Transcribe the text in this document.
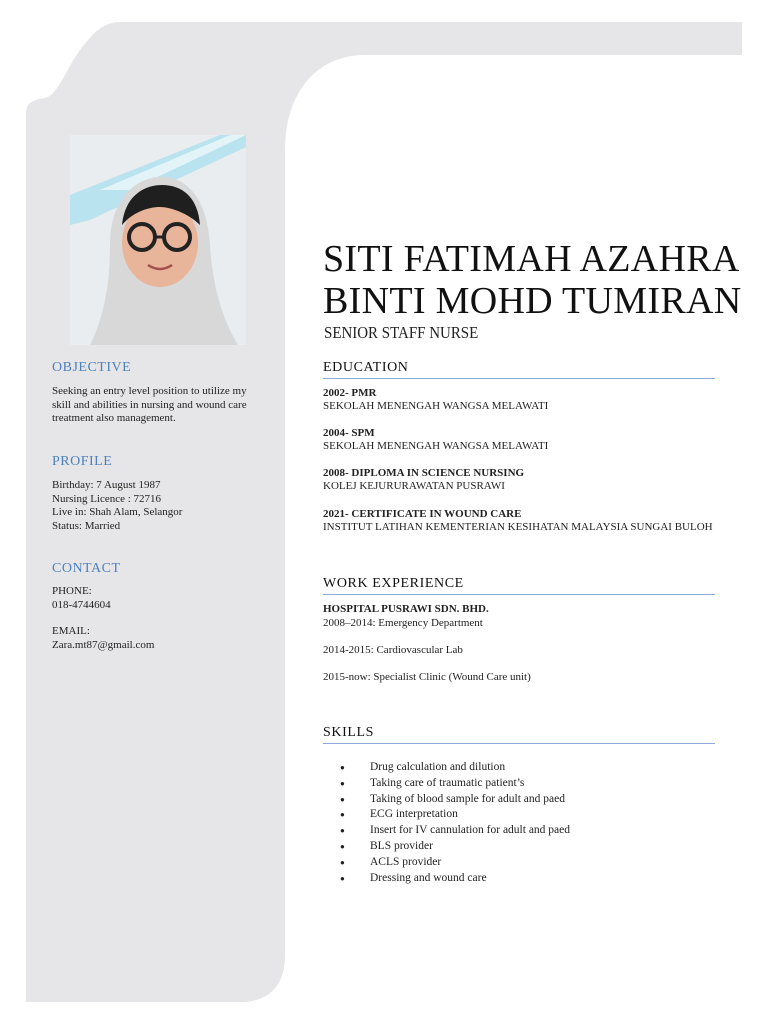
OBJECTIVE

Seeking an entry level position to utilize my skill and abilities in nursing and wound care treatment also management.

PROFILE

Birthday: 7 August 1987

Nursing Licence : 72716

Live in: Shah Alam, Selangor

Status: Married

CONTACT

PHONE:

018-4744604

EMAIL:

Zara.mt87@gmail.com

SITI FATIMAH AZAHRA
BINTI MOHD TUMIRAN
SENIOR STAFF NURSE
EDUCATION
2002- PMR
SEKOLAH MENENGAH WANGSA MELAWATI
2004- SPM
SEKOLAH MENENGAH WANGSA MELAWATI
2008- DIPLOMA IN SCIENCE NURSING
KOLEJ KEJURURAWATAN PUSRAWI
2021- CERTIFICATE IN WOUND CARE
INSTITUT LATIHAN KEMENTERIAN KESIHATAN MALAYSIA SUNGAI BULOH
WORK EXPERIENCE
HOSPITAL PUSRAWI SDN. BHD.
2008–2014: Emergency Department
2014-2015: Cardiovascular Lab
2015-now: Specialist Clinic (Wound Care unit)
SKILLS
● Drug calculation and dilution
● Taking care of traumatic patient’s
● Taking of blood sample for adult and paed
● ECG interpretation
● Insert for IV cannulation for adult and paed
● BLS provider
● ACLS provider
● Dressing and wound care
